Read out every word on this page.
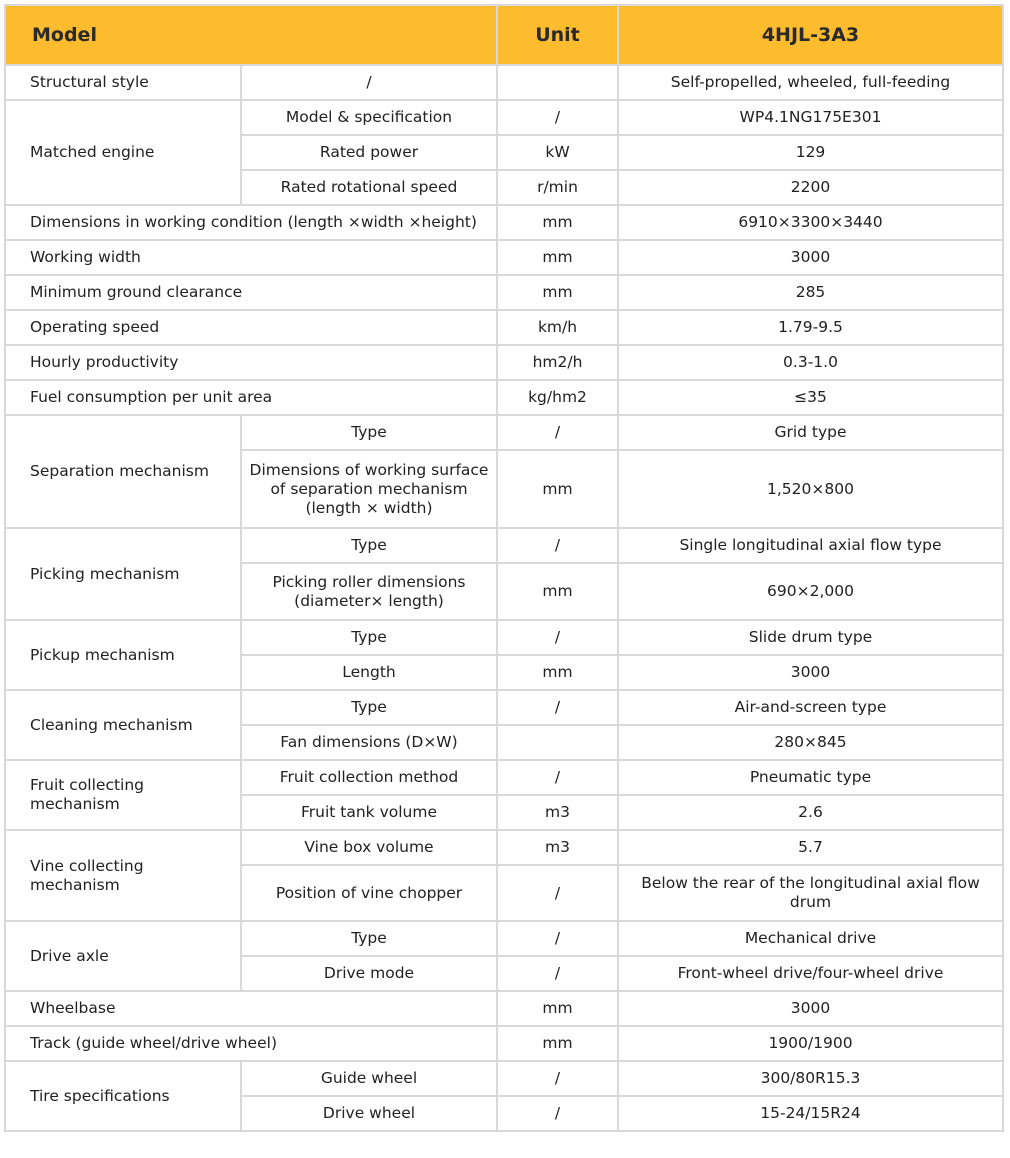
Model		Unit	4HJL-3A3
Structural style	/		Self-propelled, wheeled, full-feeding
Matched engine	Model & specification	/	WP4.1NG175E301
	Rated power	kW	129
	Rated rotational speed	r/min	2200
Dimensions in working condition (length ×width ×height)		mm	6910×3300×3440
Working width		mm	3000
Minimum ground clearance		mm	285
Operating speed		km/h	1.79-9.5
Hourly productivity		hm2/h	0.3-1.0
Fuel consumption per unit area		kg/hm2	≤35
Separation mechanism	Type	/	Grid type
	Dimensions of working surface of separation mechanism (length × width)	mm	1,520×800
Picking mechanism	Type	/	Single longitudinal axial flow type
	Picking roller dimensions (diameter× length)	mm	690×2,000
Pickup mechanism	Type	/	Slide drum type
	Length	mm	3000
Cleaning mechanism	Type	/	Air-and-screen type
	Fan dimensions (D×W)		280×845
Fruit collecting mechanism	Fruit collection method	/	Pneumatic type
	Fruit tank volume	m3	2.6
Vine collecting mechanism	Vine box volume	m3	5.7
	Position of vine chopper	/	Below the rear of the longitudinal axial flow drum
Drive axle	Type	/	Mechanical drive
	Drive mode	/	Front-wheel drive/four-wheel drive
Wheelbase		mm	3000
Track (guide wheel/drive wheel)		mm	1900/1900
Tire specifications	Guide wheel	/	300/80R15.3
	Drive wheel	/	15-24/15R24
